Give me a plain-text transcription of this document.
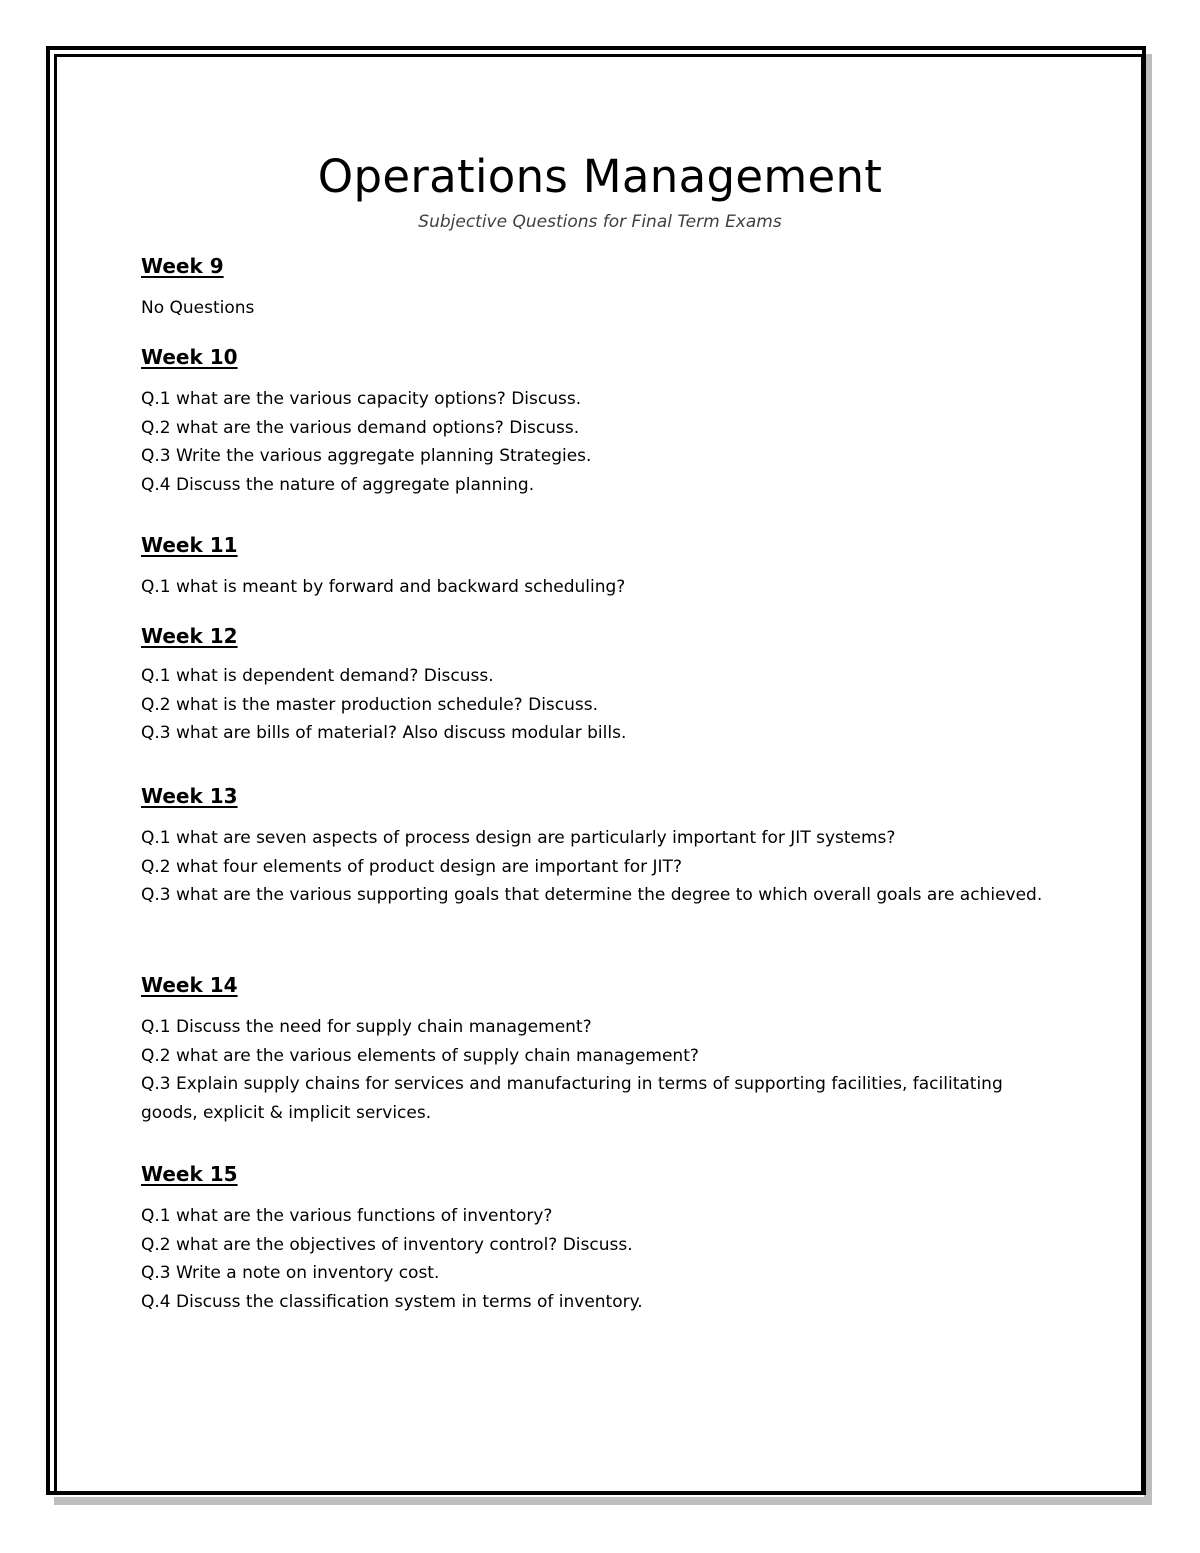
Operations Management
Subjective Questions for Final Term Exams
Week 9
No Questions
Week 10
Q.1 what are the various capacity options? Discuss.
Q.2 what are the various demand options? Discuss.
Q.3 Write the various aggregate planning Strategies.
Q.4 Discuss the nature of aggregate planning.
Week 11
Q.1 what is meant by forward and backward scheduling?
Week 12
Q.1 what is dependent demand? Discuss.
Q.2 what is the master production schedule? Discuss.
Q.3 what are bills of material? Also discuss modular bills.
Week 13
Q.1 what are seven aspects of process design are particularly important for JIT systems?
Q.2 what four elements of product design are important for JIT?
Q.3 what are the various supporting goals that determine the degree to which overall goals are achieved.
Week 14
Q.1 Discuss the need for supply chain management?
Q.2 what are the various elements of supply chain management?
Q.3 Explain supply chains for services and manufacturing in terms of supporting facilities, facilitating goods, explicit & implicit services.
Week 15
Q.1 what are the various functions of inventory?
Q.2 what are the objectives of inventory control? Discuss.
Q.3 Write a note on inventory cost.
Q.4 Discuss the classification system in terms of inventory.
